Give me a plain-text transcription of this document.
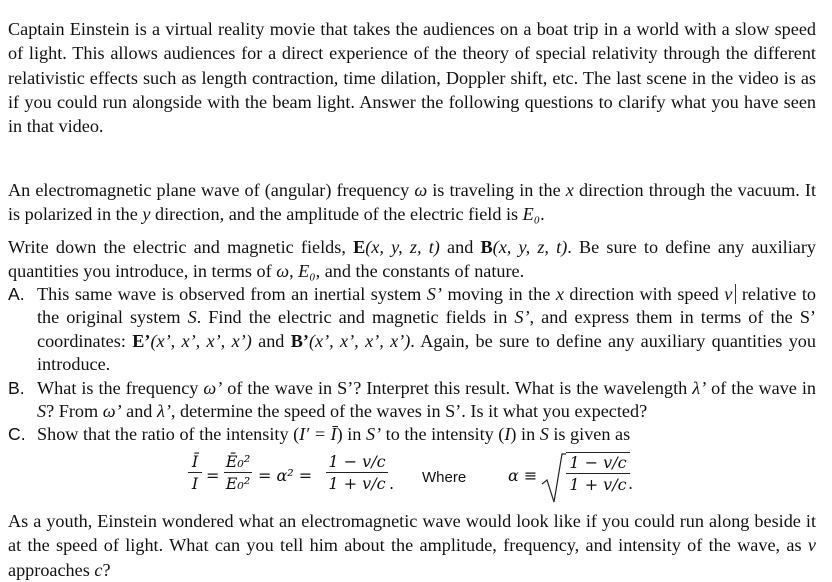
Captain Einstein is a virtual reality movie that takes the audiences on a boat trip in a world with a slow speed of light. This allows audiences for a direct experience of the theory of special relativity through the different relativistic effects such as length contraction, time dilation, Doppler shift, etc. The last scene in the video is as if you could run alongside with the beam light. Answer the following questions to clarify what you have seen in that video.

An electromagnetic plane wave of (angular) frequency ω is traveling in the x direction through the vacuum. It is polarized in the y direction, and the amplitude of the electric field is E₀.

Write down the electric and magnetic fields, E(x, y, z, t) and B(x, y, z, t). Be sure to define any auxiliary quantities you introduce, in terms of ω, E₀, and the constants of nature.

A. This same wave is observed from an inertial system S’ moving in the x direction with speed v relative to the original system S. Find the electric and magnetic fields in S’, and express them in terms of the S’ coordinates: E’(x’, x’, x’, x’) and B’(x’, x’, x’, x’). Again, be sure to define any auxiliary quantities you introduce.
B. What is the frequency ω’ of the wave in S’? Interpret this result. What is the wavelength λ’ of the wave in S? From ω’ and λ’, determine the speed of the waves in S’. Is it what you expected?
C. Show that the ratio of the intensity (I′ = Ī) in S’ to the intensity (I) in S is given as
Ī
I =
Ē₀²
E₀² = α² =
1 − v/c
1 + v/c . Where	α ≡
1 − v/c
1 + v/c .

As a youth, Einstein wondered what an electromagnetic wave would look like if you could run along beside it at the speed of light. What can you tell him about the amplitude, frequency, and intensity of the wave, as v approaches c?
